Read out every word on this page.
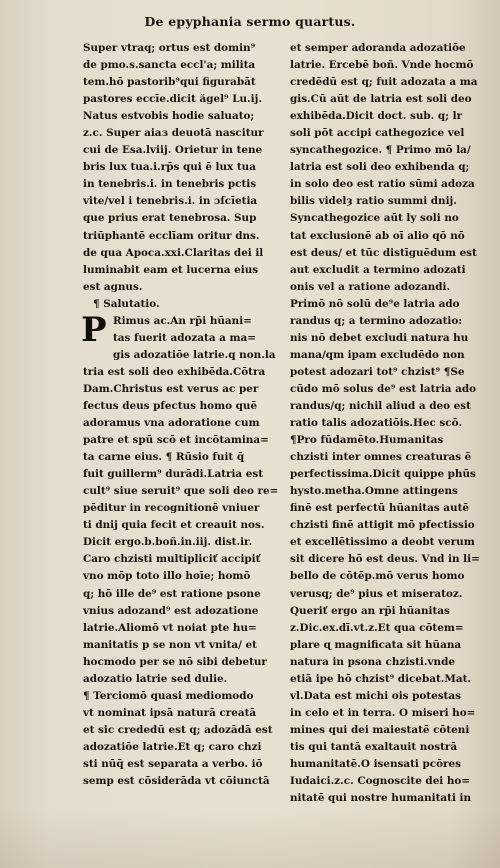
De epyphania sermo quartus.
Super vtraq; ortus est domin⁹
de pmo.s.sancta eccl'a; milita
tem.hō pastorib⁹qui figurabāt
pastores eccīe.dicit ăgel⁹ Lu.ij.
Natus estvobis hodie saluato;
z.c. Super aiaз deuotā nascitur
cui de Esa.lviij. Orietur in tene
bris lux tua.i.rp̄s qui ē lux tua
in tenebris.i. in tenebris pctis
vite/vel i tenebris.i. in ɔſcīetia
que prius erat tenebrosa. Sup
triūphantē ecclīam oritur dns.
de qua Apoca.xxi.Claritas dei il
luminabit eam et lucerna eius
est agnus.
¶ Salutatio.
P Rimus ac.An rp̄i hūani=
tas fuerit adozata a ma=
gis adozatiōe latrie.q non.la
tria est soli deo exhibēda.Cōtra
Dam.Christus est verus ac per
fectus deus pfectus homo quē
adoramus vna adoratione cum
patre et spū scō et incōtamina=
ta carne eius. ¶ Rūsio fuit q̄
fuit guillerm⁹ durādi.Latria est
cult⁹ siue seruit⁹ que soli deo re=
pēditur in recognitionē vniuer
ti dnij quia fecit et creauit nos.
Dicit ergo.b.boñ.in.iij. dist.ir.
Caro chzisti multipliciť accipiť
vno mōp toto illo hoīe; homō
q; hō ille de⁹ est ratione psone
vnius adozand⁹ est adozatione
latrie.Aliomō vt noiat pte hu=
manitatis p se non vt vnita/ et
hocmodo per se nō sibi debetur
adozatio latrie sed dulie.
¶ Terciomō quasi mediomodo
vt nominat ipsā naturā creatā
et sic crededū est q; adozādā est
adozatiōe latrie.Et q; caro chzi
sti nūq̄ est separata a verbo. iō
semp est cōsiderāda vt cōiunctā
et semper adoranda adozatiōe
latrie. Ercebē boñ. Vnde hocmō
credēdū est q; fuit adozata a ma
gis.Cū aūt de latria est soli deo
exhibēda.Dicit doct. sub. q; lr
soli pōt accipi cathegozice vel
syncathegozice. ¶ Primo mō la/
latria est soli deo exhibenda q;
in solo deo est ratio sūmi adoza
bilis videlȝ ratio summi dnij.
Syncathegozice aūt ly soli no
tat exclusionē ab oī alio qō nō
est deus/ et tūc distīguēdum est
aut excludit a termino adozati
onis vel a ratione adozandi.
Primō nō solū de⁹e latria ado
randus q; a termino adozatio:
nis nō debet excludi natura hu
mana/qm ipam excludēdo non
potest adozari tot⁹ chzist⁹ ¶Se
cūdo mō solus de⁹ est latria ado
randus/q; nichil aliud a deo est
ratio talis adozatiōis.Hec scō.
¶Pro fūdamēto.Humanitas
chzisti inter omnes creaturas ē
perfectissima.Dicit quippe phūs
hysto.metha.Omne attingens
finē est perfectū hūanitas autē
chzisti finē attigit mō pfectissio
et excellētissimo a deobt verum
sit dicere hō est deus. Vnd in li=
bello de cōtēp.mō verus homo
verusq; de⁹ pius et miseratoz.
Queriť ergo an rp̄i hūanitas
z.Dic.ex.dī.vt.z.Et qua cōtem=
plare ɋ magnificata sit hūana
natura in psona chzisti.vnde
etiā ipe hō chzist⁹ dicebat.Mat.
vl.Data est michi ois potestas
in celo et in terra. O miseri ho=
mines qui dei maiestatē cōteni
tis qui tantā exaltauit nostrā
humanitatē.O isensati pcōres
Iudaici.z.c. Cognoscite dei ho=
nitatē qui nostre humanitati in
